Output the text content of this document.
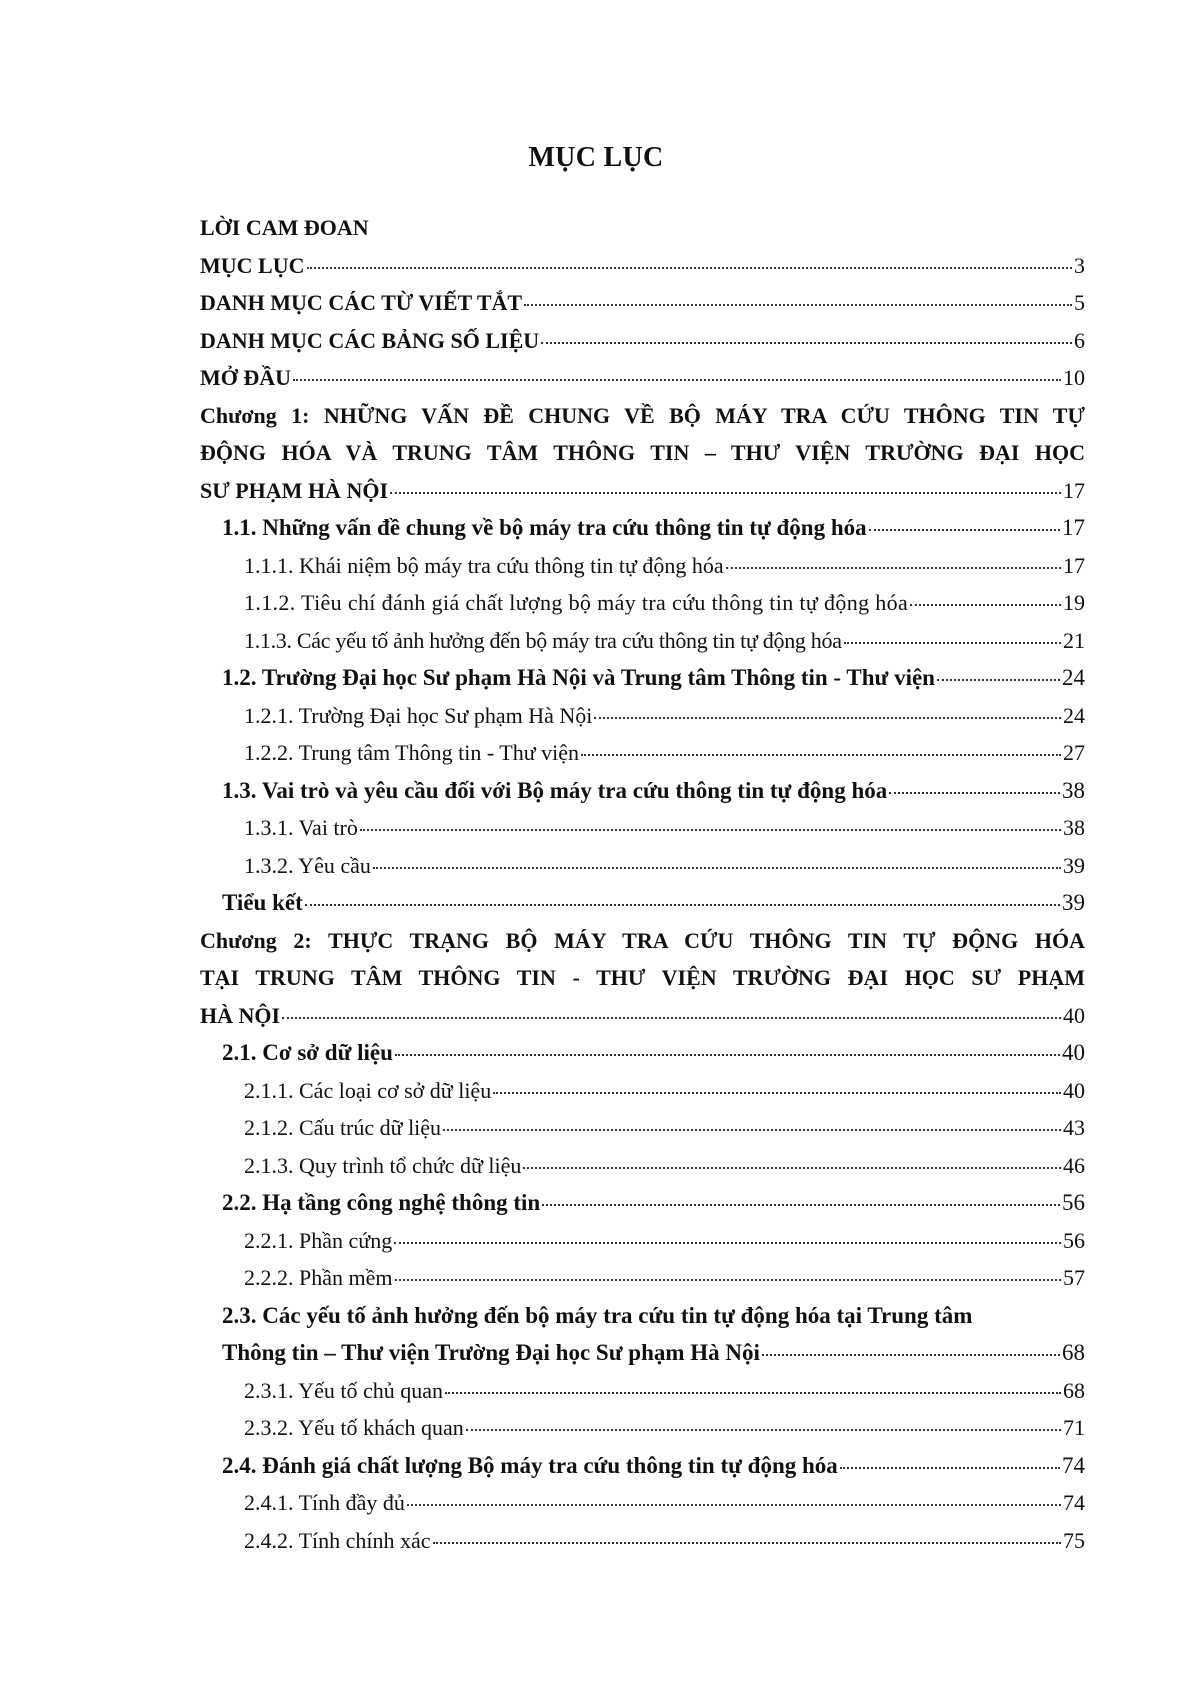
MỤC LỤC
LỜI CAM ĐOAN
MỤC LỤC	3
DANH MỤC CÁC TỪ VIẾT TẮT	5
DANH MỤC CÁC BẢNG SỐ LIỆU	6
MỞ ĐẦU	10
Chương 1: NHỮNG VẤN ĐỀ CHUNG VỀ BỘ MÁY TRA CỨU THÔNG TIN TỰ
ĐỘNG HÓA VÀ TRUNG TÂM THÔNG TIN – THƯ VIỆN TRƯỜNG ĐẠI HỌC
SƯ PHẠM HÀ NỘI	17
1.1. Những vấn đề chung về bộ máy tra cứu thông tin tự động hóa	17
1.1.1. Khái niệm bộ máy tra cứu thông tin tự động hóa	17
1.1.2. Tiêu chí đánh giá chất lượng bộ máy tra cứu thông tin tự động hóa	19
1.1.3. Các yếu tố ảnh hưởng đến bộ máy tra cứu thông tin tự động hóa	21
1.2. Trường Đại học Sư phạm Hà Nội và Trung tâm Thông tin - Thư viện	24
1.2.1. Trường Đại học Sư phạm Hà Nội	24
1.2.2. Trung tâm Thông tin - Thư viện	27
1.3. Vai trò và yêu cầu đối với Bộ máy tra cứu thông tin tự động hóa	38
1.3.1. Vai trò	38
1.3.2. Yêu cầu	39
Tiểu kết	39
Chương 2: THỰC TRẠNG BỘ MÁY TRA CỨU THÔNG TIN TỰ ĐỘNG HÓA
TẠI TRUNG TÂM THÔNG TIN - THƯ VIỆN TRƯỜNG ĐẠI HỌC SƯ PHẠM
HÀ NỘI	40
2.1. Cơ sở dữ liệu	40
2.1.1. Các loại cơ sở dữ liệu	40
2.1.2. Cấu trúc dữ liệu	43
2.1.3. Quy trình tổ chức dữ liệu	46
2.2. Hạ tầng công nghệ thông tin	56
2.2.1. Phần cứng	56
2.2.2. Phần mềm	57
2.3. Các yếu tố ảnh hưởng đến bộ máy tra cứu tin tự động hóa tại Trung tâm
Thông tin – Thư viện Trường Đại học Sư phạm Hà Nội	68
2.3.1. Yếu tố chủ quan	68
2.3.2. Yếu tố khách quan	71
2.4. Đánh giá chất lượng Bộ máy tra cứu thông tin tự động hóa	74
2.4.1. Tính đầy đủ	74
2.4.2. Tính chính xác	75
